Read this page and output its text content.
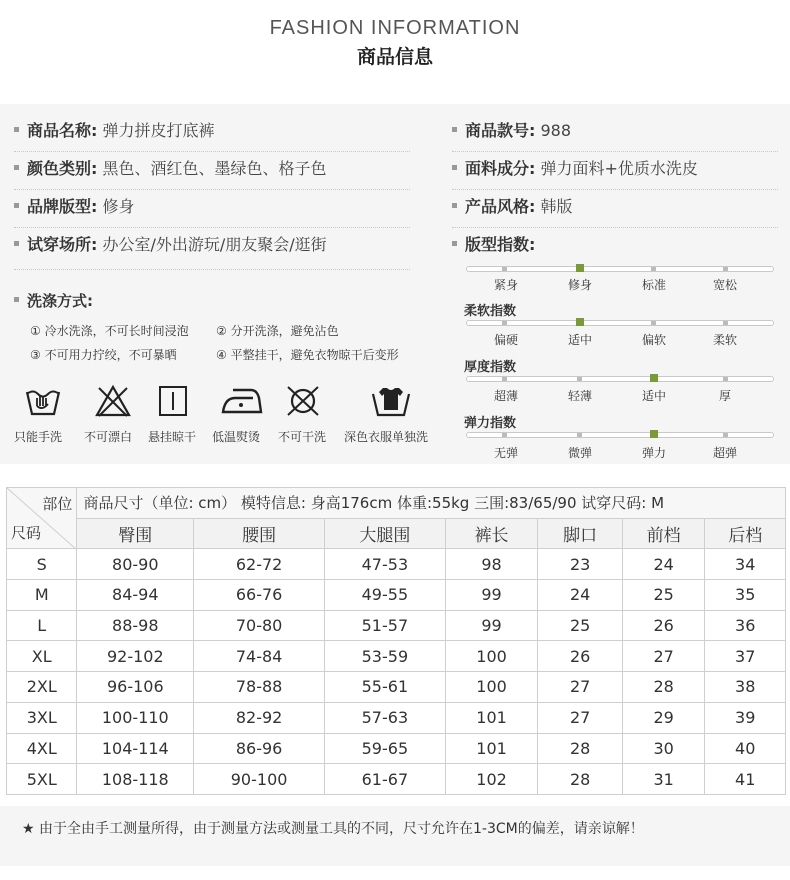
FASHION INFORMATION
商品信息
商品名称: 弹力拼皮打底裤
颜色类别: 黑色、酒红色、墨绿色、格子色
品牌版型: 修身
试穿场所: 办公室/外出游玩/朋友聚会/逛街
商品款号: 988
面料成分: 弹力面料+优质水洗皮
产品风格: 韩版
洗涤方式:
① 冷水洗涤，不可长时间浸泡 ② 分开洗涤，避免沾色
③ 不可用力拧绞，不可暴晒	④ 平整挂干，避免衣物晾干后变形
只能手洗 不可漂白 悬挂晾干 低温熨烫 不可干洗 深色衣服单独洗
版型指数:
柔软指数
厚度指数
弹力指数
紧身	修身	标准	宽松
偏硬	适中	偏软	柔软
超薄	轻薄	适中	厚
无弹	微弹	弹力	超弹
部位
尺码	商品尺寸（单位: cm） 模特信息: 身高176cm 体重:55kg 三围:83/65/90 试穿尺码: M						
	臀围	腰围	大腿围	裤长	脚口	前档	后档
S	80-90	62-72	47-53	98	23	24	34
M	84-94	66-76	49-55	99	24	25	35
L	88-98	70-80	51-57	99	25	26	36
XL	92-102	74-84	53-59	100	26	27	37
2XL	96-106	78-88	55-61	100	27	28	38
3XL	100-110	82-92	57-63	101	27	29	39
4XL	104-114	86-96	59-65	101	28	30	40
5XL	108-118	90-100	61-67	102	28	31	41
★ 由于全由手工测量所得，由于测量方法或测量工具的不同，尺寸允许在1-3CM的偏差，请亲谅解！
